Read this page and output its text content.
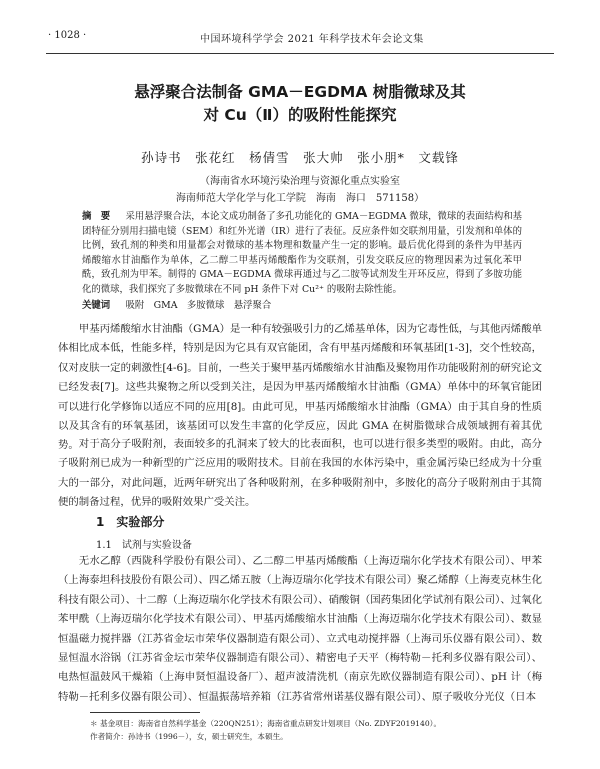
· 1028 ·	中国环境科学学会 2021 年科学技术年会论文集
悬浮聚合法制备 GMA－EGDMA 树脂微球及其
对 Cu（Ⅱ）的吸附性能探究
孙诗书　张花红　杨倩雪　张大帅　张小朋*　文载锋
（海南省水环境污染治理与资源化重点实验室
海南师范大学化学与化工学院　海南　海口　571158）
摘　要 　 采用悬浮聚合法，本论文成功制备了多孔功能化的 GMA－EGDMA 微球，微球的表面结构和基团特征分别用扫描电镜（SEM）和红外光谱（IR）进行了表征。反应条件如交联剂用量，引发剂和单体的比例，致孔剂的种类和用量都会对微球的基本物理和数量产生一定的影响。最后优化得到的条件为甲基丙烯酸缩水甘油酯作为单体，乙二醇二甲基丙烯酸酯作为交联剂，引发交联反应的物理因素为过氧化苯甲酰，致孔剂为甲苯。制得的 GMA－EGDMA 微球再通过与乙二胺等试剂发生开环反应，得到了多胺功能化的微球，我们探究了多胺微球在不同 pH 条件下对 Cu²⁺ 的吸附去除性能。
关键词 　 吸附　GMA　多胺微球　悬浮聚合

甲基丙烯酸缩水甘油酯（GMA）是一种有较强吸引力的乙烯基单体，因为它毒性低，与其他丙烯酸单体相比成本低，性能多样，特别是因为它具有双官能团，含有甲基丙烯酸和环氧基团[1-3]，交个性较高，仅对皮肤一定的刺激性[4-6]。目前，一些关于聚甲基丙烯酸缩水甘油酯及聚物用作功能吸附剂的研究论文已经发表[7]。这些共聚物之所以受到关注，是因为甲基丙烯酸缩水甘油酯（GMA）单体中的环氧官能团可以进行化学修饰以适应不同的应用[8]。由此可见，甲基丙烯酸缩水甘油酯（GMA）由于其自身的性质以及其含有的环氧基团，该基团可以发生丰富的化学反应，因此 GMA 在树脂微球合成领域拥有着其优势。 对于高分子吸附剂，表面较多的孔洞来了较大的比表面积，也可以进行很多类型的吸附。由此，高分子吸附剂已成为一种新型的广泛应用的吸附技术。目前在我国的水体污染中，重金属污染已经成为十分重大的一部分，对此问题，近两年研究出了各种吸附剂，在多种吸附剂中，多胺化的高分子吸附剂由于其简便的制备过程，优异的吸附效果广受关注。

1　实验部分
1.1　试剂与实验设备

无水乙醇（西陇科学股份有限公司）、乙二醇二甲基丙烯酸酯（上海迈瑞尔化学技术有限公司）、甲苯（上海泰坦科技股份有限公司）、四乙烯五胺（上海迈瑞尔化学技术有限公司）聚乙烯醇（上海麦克林生化科技有限公司）、十二醇（上海迈瑞尔化学技术有限公司）、硝酸铜（国药集团化学试剂有限公司）、过氧化苯甲酰（上海迈瑞尔化学技术有限公司）、甲基丙烯酸缩水甘油酯（上海迈瑞尔化学技术有限公司）、数显恒温磁力搅拌器（江苏省金坛市荣华仪器制造有限公司）、立式电动搅拌器（上海司乐仪器有限公司）、数显恒温水浴锅（江苏省金坛市荣华仪器制造有限公司）、精密电子天平（梅特勒－托利多仪器有限公司）、电热恒温鼓风干燥箱（上海申贤恒温设备厂）、超声波清洗机（南京先欧仪器制造有限公司）、pH 计（梅特勒－托利多仪器有限公司）、恒温振荡培养箱（江苏省常州诺基仪器有限公司）、原子吸收分光仪（日本

＊ 基金项目：海南省自然科学基金（220QN251）；海南省重点研发计划项目（No. ZDYF2019140）。
作者简介：孙诗书（1996－），女，硕士研究生，本硕生。
